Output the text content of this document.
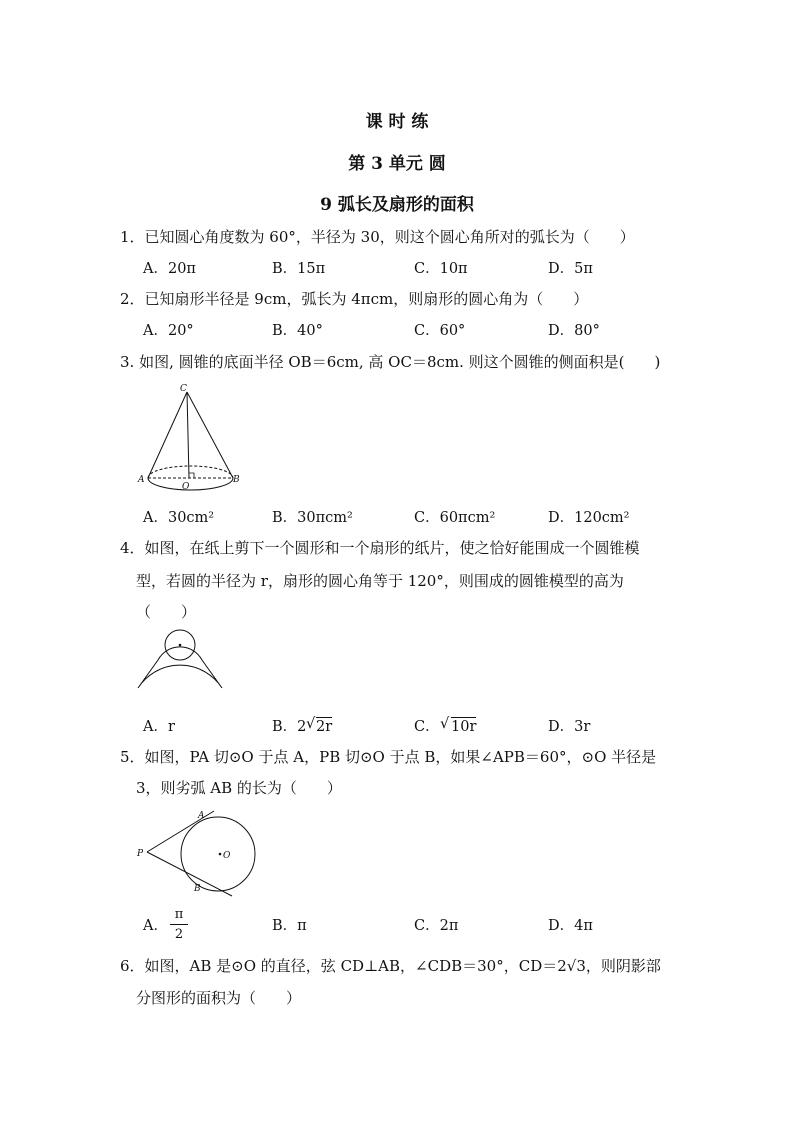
课 时 练
第 3 单元 圆
9 弧长及扇形的面积
1．已知圆心角度数为 60°，半径为 30，则这个圆心角所对的弧长为（　　）
A．20π	B．15π	C．10π	D．5π
2．已知扇形半径是 9cm，弧长为 4πcm，则扇形的圆心角为（　　）
A．20°	B．40°	C．60°	D．80°
3. 如图, 圆锥的底面半径 OB＝6cm, 高 OC＝8cm. 则这个圆锥的侧面积是(　　)
C
A
O
B
A．30cm²	B．30πcm²	C．60πcm²	D．120cm²
4．如图，在纸上剪下一个圆形和一个扇形的纸片，使之恰好能围成一个圆锥模
型，若圆的半径为 r，扇形的圆心角等于 120°，则围成的圆锥模型的高为
（　　）
A．r	B．2 √ 2r	C． √ 10r	D．3r
5．如图，PA 切⊙O 于点 A，PB 切⊙O 于点 B，如果∠APB＝60°，⊙O 半径是
3，则劣弧 AB 的长为（　　）
A
P	O
B
A．
π
2
B．π	C．2π	D．4π
6．如图，AB 是⊙O 的直径，弦 CD⊥AB，∠CDB＝30°，CD＝2√3，则阴影部
分图形的面积为（　　）
